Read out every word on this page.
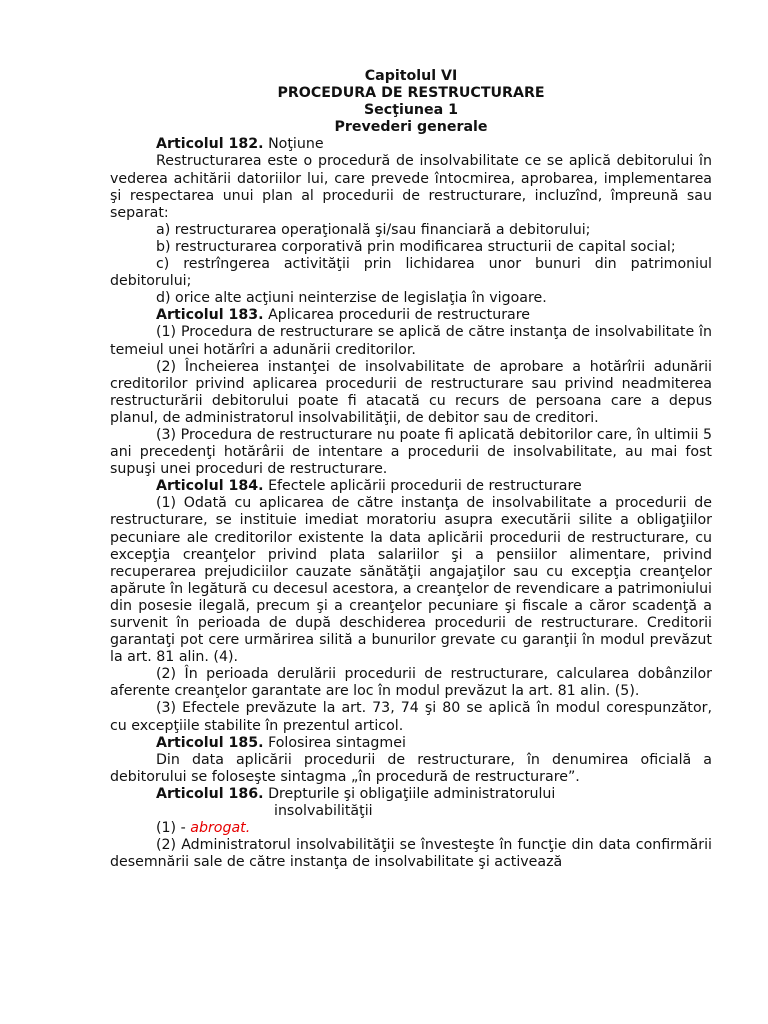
Capitolul VI
PROCEDURA DE RESTRUCTURARE
Secţiunea 1
Prevederi generale

Articolul 182. Noţiune

Restructurarea este o procedură de insolvabilitate ce se aplică debitorului în vederea achitării datoriilor lui, care prevede întocmirea, aprobarea, implementarea şi respectarea unui plan al procedurii de restructurare, incluzînd, împreună sau separat:

a) restructurarea operaţională şi/sau financiară a debitorului;

b) restructurarea corporativă prin modificarea structurii de capital social;

c) restrîngerea activităţii prin lichidarea unor bunuri din patrimoniul debitorului;

d) orice alte acţiuni neinterzise de legislaţia în vigoare.

Articolul 183. Aplicarea procedurii de restructurare

(1) Procedura de restructurare se aplică de către instanţa de insolvabilitate în temeiul unei hotărîri a adunării creditorilor.

(2) Încheierea instanţei de insolvabilitate de aprobare a hotărîrii adunării creditorilor privind aplicarea procedurii de restructurare sau privind neadmiterea restructurării debitorului poate fi atacată cu recurs de persoana care a depus planul, de administratorul insolvabilităţii, de debitor sau de creditori.

(3) Procedura de restructurare nu poate fi aplicată debitorilor care, în ultimii 5 ani precedenţi hotărârii de intentare a procedurii de insolvabilitate, au mai fost supuşi unei proceduri de restructurare.

Articolul 184. Efectele aplicării procedurii de restructurare

(1) Odată cu aplicarea de către instanţa de insolvabilitate a procedurii de restructurare, se instituie imediat moratoriu asupra executării silite a obligaţiilor pecuniare ale creditorilor existente la data aplicării procedurii de restructurare, cu excepţia creanţelor privind plata salariilor şi a pensiilor alimentare, privind recuperarea prejudiciilor cauzate sănătăţii angajaţilor sau cu excepţia creanţelor apărute în legătură cu decesul acestora, a creanţelor de revendicare a patrimoniului din posesie ilegală, precum şi a creanţelor pecuniare şi fiscale a căror scadenţă a survenit în perioada de după deschiderea procedurii de restructurare. Creditorii garantaţi pot cere urmărirea silită a bunurilor grevate cu garanţii în modul prevăzut la art. 81 alin. (4).

(2) În perioada derulării procedurii de restructurare, calcularea dobânzilor aferente creanţelor garantate are loc în modul prevăzut la art. 81 alin. (5).

(3) Efectele prevăzute la art. 73, 74 şi 80 se aplică în modul corespunzător, cu excepţiile stabilite în prezentul articol.

Articolul 185. Folosirea sintagmei

Din data aplicării procedurii de restructurare, în denumirea oficială a debitorului se foloseşte sintagma „în procedură de restructurare”.

Articolul 186. Drepturile şi obligaţiile administratorului

insolvabilităţii

(1) - abrogat.

(2) Administratorul insolvabilităţii se învesteşte în funcţie din data confirmării desemnării sale de către instanţa de insolvabilitate şi activează
